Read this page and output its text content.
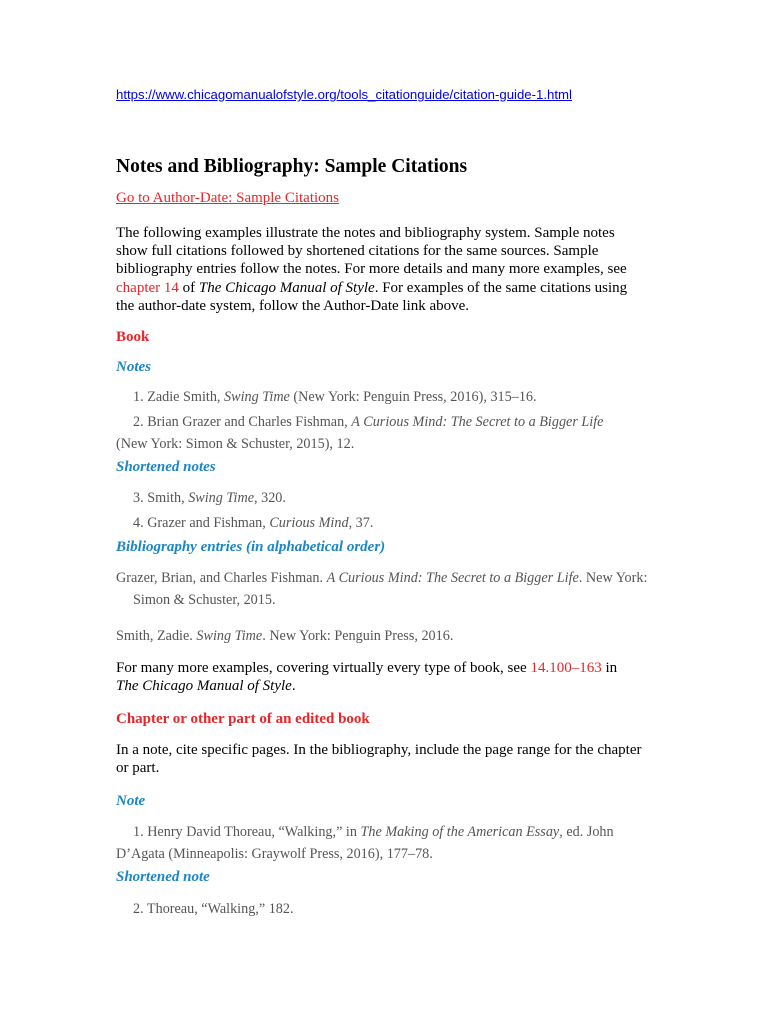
https://www.chicagomanualofstyle.org/tools_citationguide/citation-guide-1.html
Notes and Bibliography: Sample Citations
Go to Author-Date: Sample Citations

The following examples illustrate the notes and bibliography system. Sample notes show full citations followed by shortened citations for the same sources. Sample bibliography entries follow the notes. For more details and many more examples, see chapter 14 of The Chicago Manual of Style. For examples of the same citations using the author-date system, follow the Author-Date link above.

Book
Notes

1. Zadie Smith, Swing Time (New York: Penguin Press, 2016), 315–16.

2. Brian Grazer and Charles Fishman, A Curious Mind: The Secret to a Bigger Life (New York: Simon & Schuster, 2015), 12.

Shortened notes

3. Smith, Swing Time, 320.

4. Grazer and Fishman, Curious Mind, 37.

Bibliography entries (in alphabetical order)

Grazer, Brian, and Charles Fishman. A Curious Mind: The Secret to a Bigger Life. New York: Simon & Schuster, 2015.

Smith, Zadie. Swing Time. New York: Penguin Press, 2016.

For many more examples, covering virtually every type of book, see 14.100–163 in The Chicago Manual of Style.

Chapter or other part of an edited book

In a note, cite specific pages. In the bibliography, include the page range for the chapter or part.

Note

1. Henry David Thoreau, “Walking,” in The Making of the American Essay, ed. John D’Agata (Minneapolis: Graywolf Press, 2016), 177–78.

Shortened note

2. Thoreau, “Walking,” 182.
